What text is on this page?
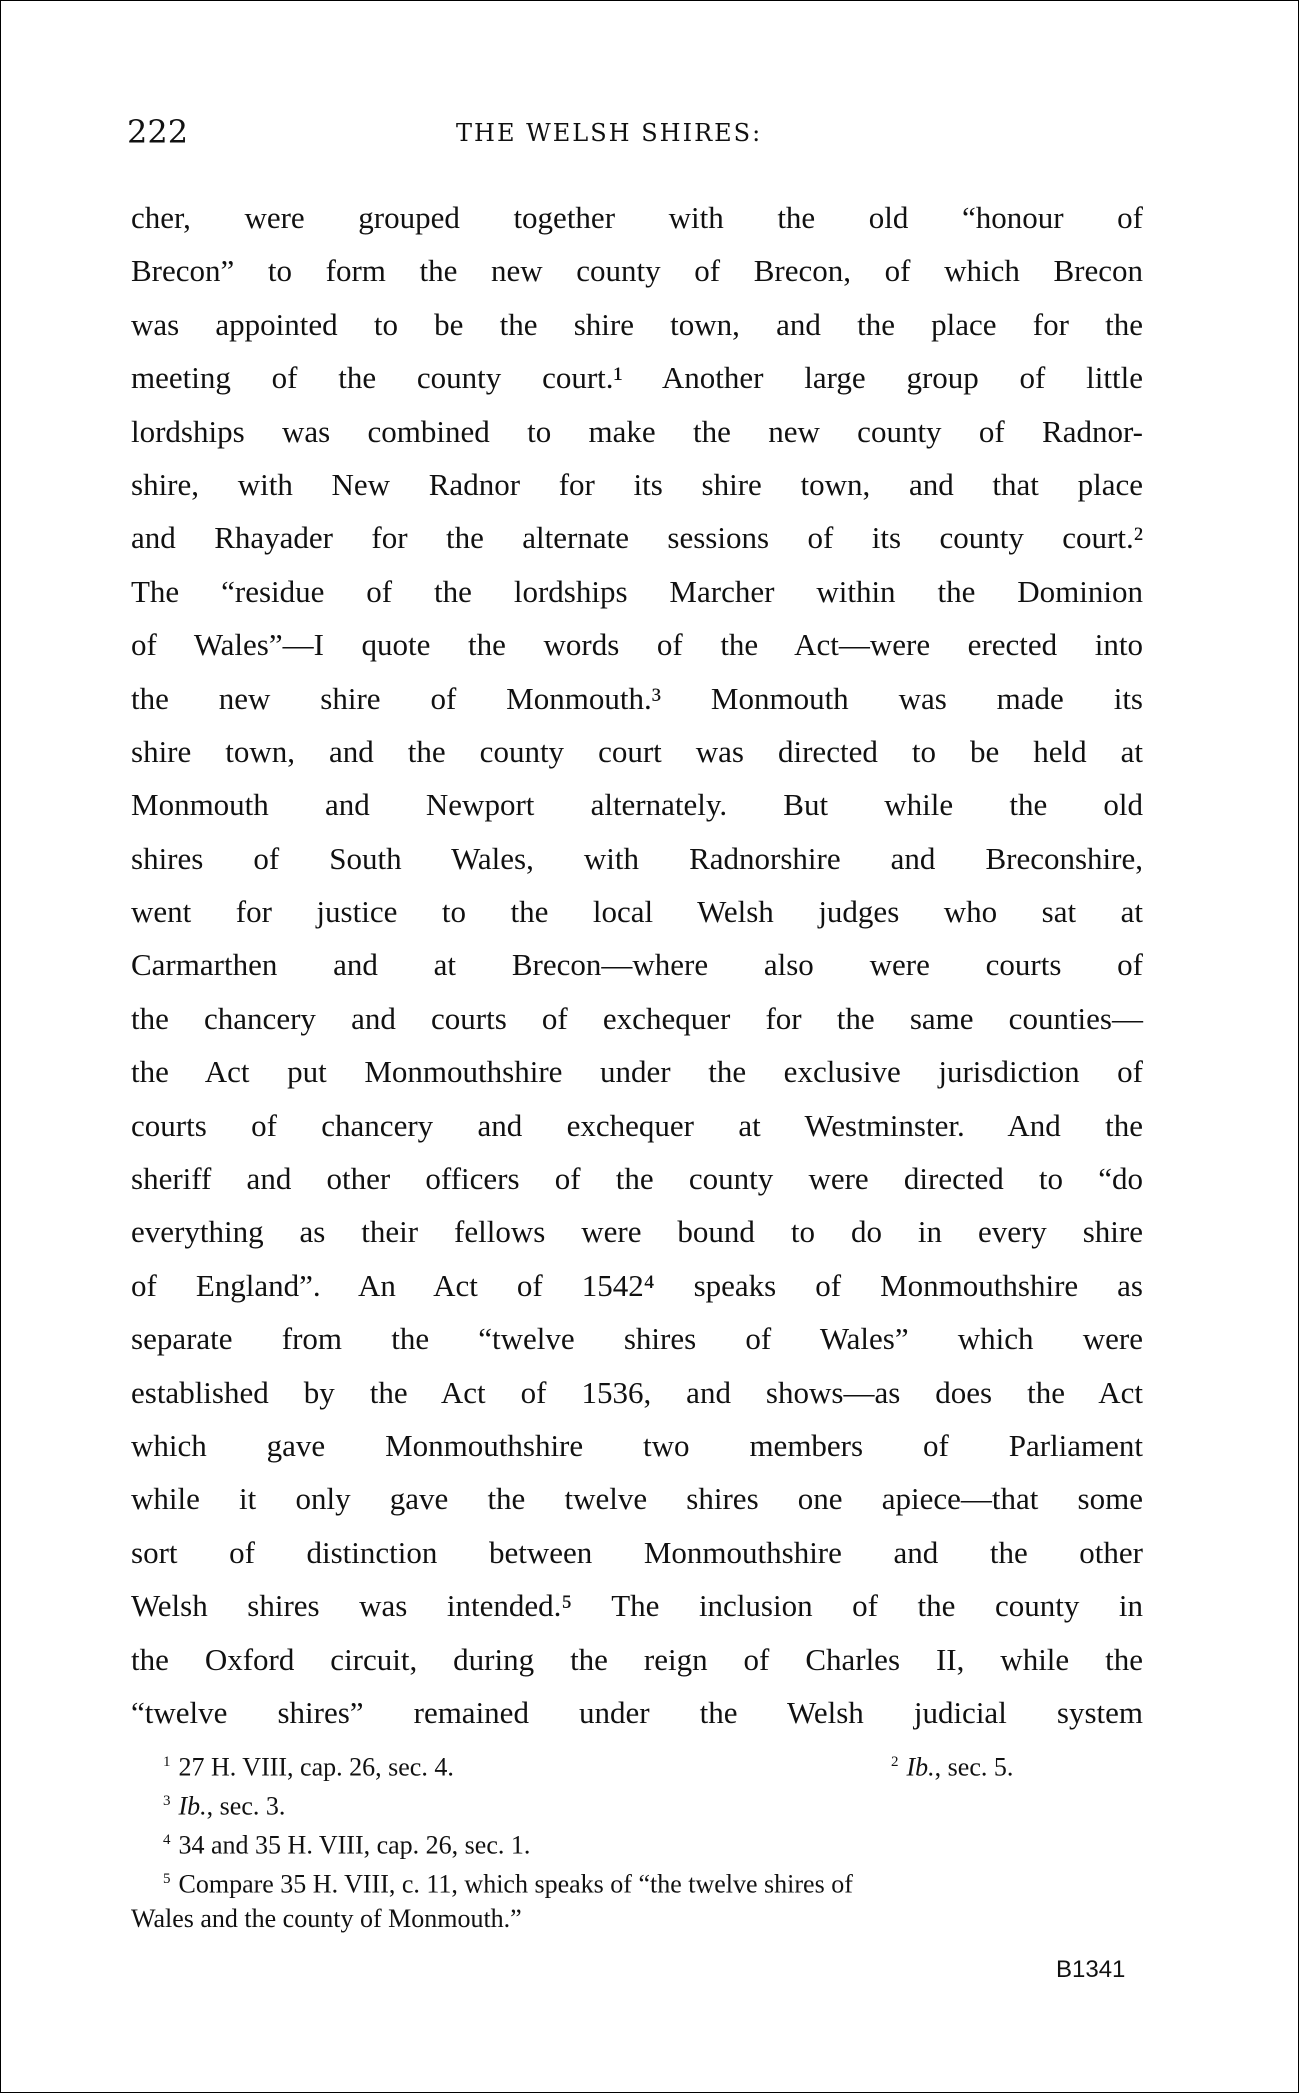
222	THE WELSH SHIRES:
cher, were grouped together with the old “honour of
Brecon” to form the new county of Brecon, of which Brecon
was appointed to be the shire town, and the place for the
meeting of the county court.¹ Another large group of little
lordships was combined to make the new county of Radnor-
shire, with New Radnor for its shire town, and that place
and Rhayader for the alternate sessions of its county court.²
The “residue of the lordships Marcher within the Dominion
of Wales”—I quote the words of the Act—were erected into
the new shire of Monmouth.³ Monmouth was made its
shire town, and the county court was directed to be held at
Monmouth and Newport alternately. But while the old
shires of South Wales, with Radnorshire and Breconshire,
went for justice to the local Welsh judges who sat at
Carmarthen and at Brecon—where also were courts of
the chancery and courts of exchequer for the same counties—
the Act put Monmouthshire under the exclusive jurisdiction of
courts of chancery and exchequer at Westminster. And the
sheriff and other officers of the county were directed to “do
everything as their fellows were bound to do in every shire
of England”. An Act of 1542⁴ speaks of Monmouthshire as
separate from the “twelve shires of Wales” which were
established by the Act of 1536, and shows—as does the Act
which gave Monmouthshire two members of Parliament
while it only gave the twelve shires one apiece—that some
sort of distinction between Monmouthshire and the other
Welsh shires was intended.⁵ The inclusion of the county in
the Oxford circuit, during the reign of Charles II, while the
“twelve shires” remained under the Welsh judicial system
$^1$ 27 H. VIII, cap. 26, sec. 4.	$^2$ Ib., sec. 5.
$^3$ Ib., sec. 3.
$^4$ 34 and 35 H. VIII, cap. 26, sec. 1.
$^5$ Compare 35 H. VIII, c. 11, which speaks of “the twelve shires of
Wales and the county of Monmouth.”
B1341
